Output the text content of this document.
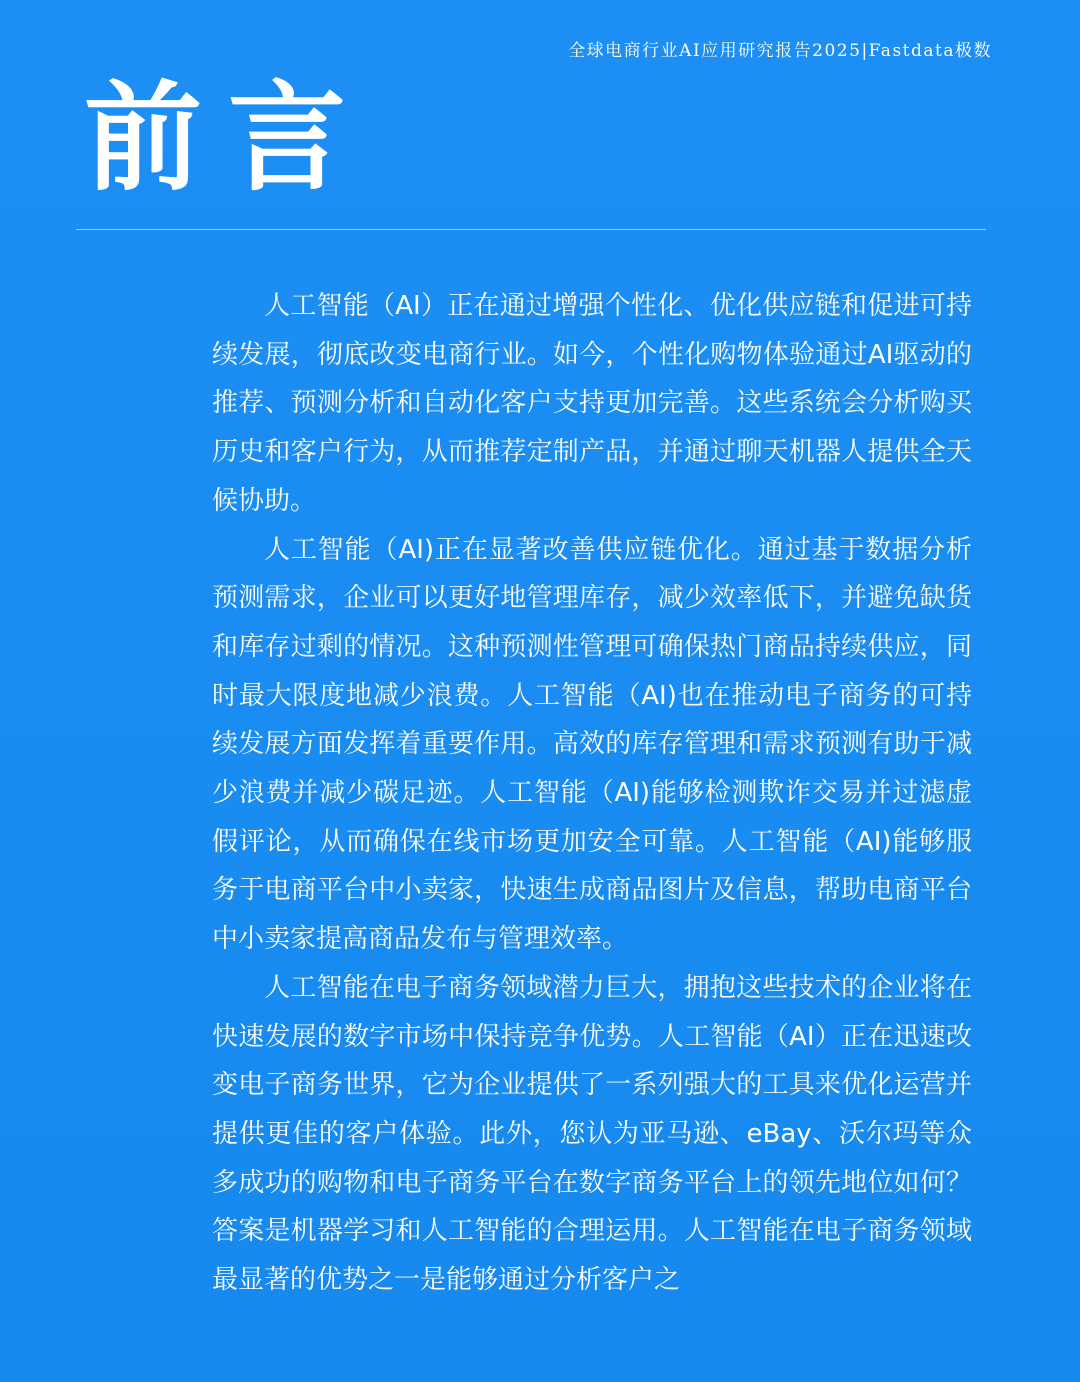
全球电商行业AI应用研究报告2025|Fastdata极数
前言

人工智能（AI）正在通过增强个性化、优化供应链和促进可持续发展，彻底改变电商行业。如今，个性化购物体验通过AI驱动的推荐、预测分析和自动化客户支持更加完善。这些系统会分析购买历史和客户行为，从而推荐定制产品，并通过聊天机器人提供全天候协助。

人工智能（AI)正在显著改善供应链优化。通过基于数据分析预测需求，企业可以更好地管理库存，减少效率低下，并避免缺货和库存过剩的情况。这种预测性管理可确保热门商品持续供应，同时最大限度地减少浪费。人工智能（AI)也在推动电子商务的可持续发展方面发挥着重要作用。高效的库存管理和需求预测有助于减少浪费并减少碳足迹。人工智能（AI)能够检测欺诈交易并过滤虚假评论，从而确保在线市场更加安全可靠。人工智能（AI)能够服务于电商平台中小卖家，快速生成商品图片及信息，帮助电商平台中小卖家提高商品发布与管理效率。

人工智能在电子商务领域潜力巨大，拥抱这些技术的企业将在快速发展的数字市场中保持竞争优势。人工智能（AI）正在迅速改变电子商务世界，它为企业提供了一系列强大的工具来优化运营并提供更佳的客户体验。此外，您认为亚马逊、eBay、沃尔玛等众多成功的购物和电子商务平台在数字商务平台上的领先地位如何？答案是机器学习和人工智能的合理运用。人工智能在电子商务领域最显著的优势之一是能够通过分析客户之
